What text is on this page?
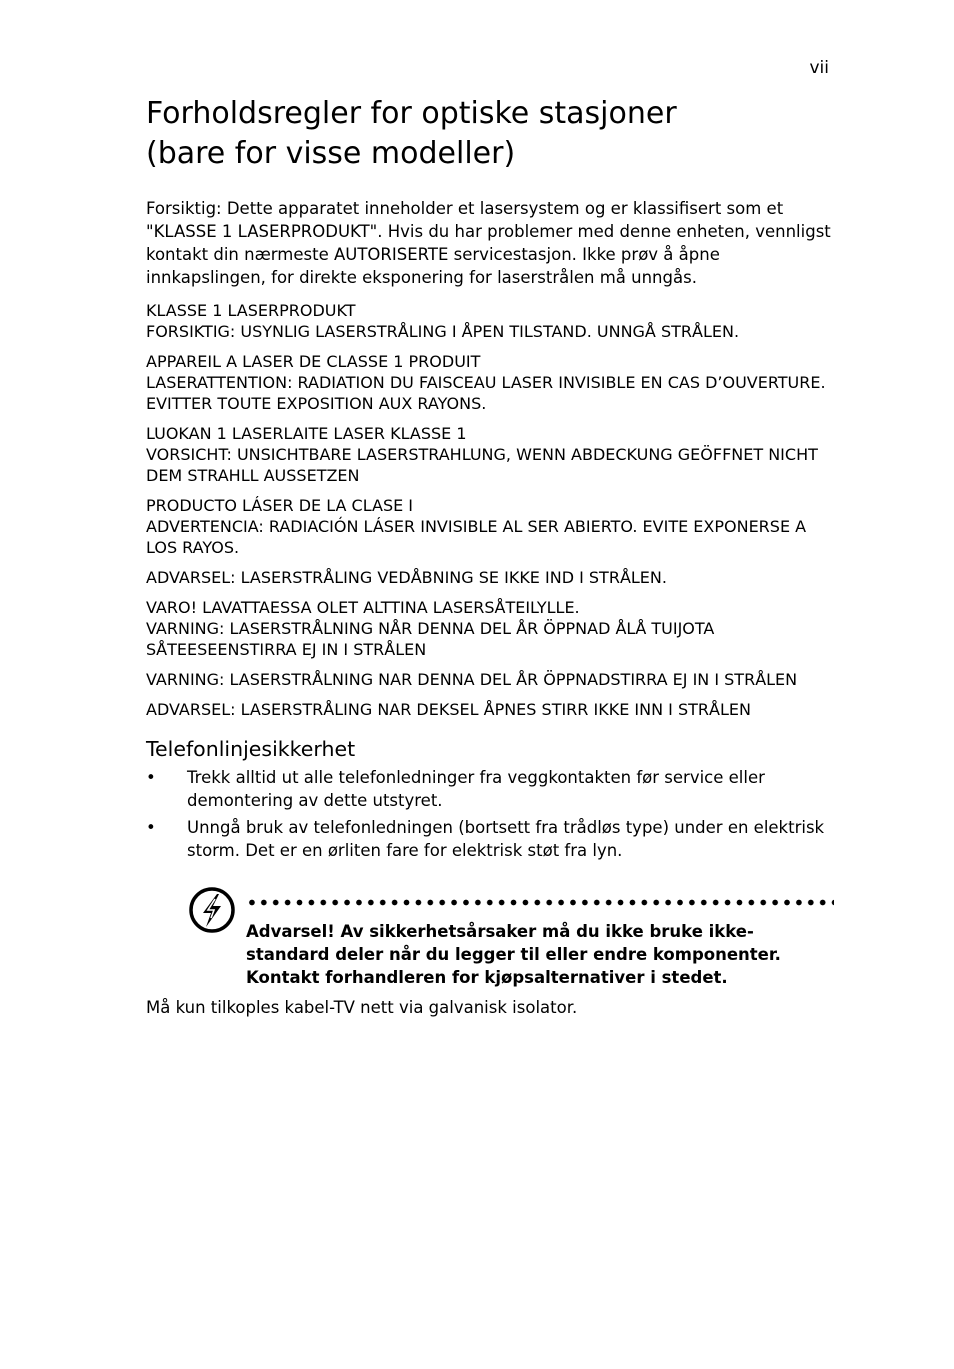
vii
Forholdsregler for optiske stasjoner
(bare for visse modeller)

Forsiktig: Dette apparatet inneholder et lasersystem og er klassifisert som et "KLASSE 1 LASERPRODUKT". Hvis du har problemer med denne enheten, vennligst kontakt din nærmeste AUTORISERTE servicestasjon. Ikke prøv å åpne innkapslingen, for direkte eksponering for laserstrålen må unngås.

KLASSE 1 LASERPRODUKT
FORSIKTIG: USYNLIG LASERSTRÅLING I ÅPEN TILSTAND. UNNGÅ STRÅLEN.

APPAREIL A LASER DE CLASSE 1 PRODUIT
LASERATTENTION: RADIATION DU FAISCEAU LASER INVISIBLE EN CAS D’OUVERTURE. EVITTER TOUTE EXPOSITION AUX RAYONS.

LUOKAN 1 LASERLAITE LASER KLASSE 1
VORSICHT: UNSICHTBARE LASERSTRAHLUNG, WENN ABDECKUNG GEÖFFNET NICHT DEM STRAHLL AUSSETZEN

PRODUCTO LÁSER DE LA CLASE I
ADVERTENCIA: RADIACIÓN LÁSER INVISIBLE AL SER ABIERTO. EVITE EXPONERSE A LOS RAYOS.

ADVARSEL: LASERSTRÅLING VEDÅBNING SE IKKE IND I STRÅLEN.

VARO! LAVATTAESSA OLET ALTTINA LASERSÅTEILYLLE.
VARNING: LASERSTRÅLNING NÅR DENNA DEL ÅR ÖPPNAD ÅLÅ TUIJOTA SÅTEESEENSTIRRA EJ IN I STRÅLEN

VARNING: LASERSTRÅLNING NAR DENNA DEL ÅR ÖPPNADSTIRRA EJ IN I STRÅLEN

ADVARSEL: LASERSTRÅLING NAR DEKSEL ÅPNES STIRR IKKE INN I STRÅLEN

Telefonlinjesikkerhet
• Trekk alltid ut alle telefonledninger fra veggkontakten før service eller demontering av dette utstyret.
• Unngå bruk av telefonledningen (bortsett fra trådløs type) under en elektrisk storm. Det er en ørliten fare for elektrisk støt fra lyn.
Advarsel! Av sikkerhetsårsaker må du ikke bruke ikke-standard deler når du legger til eller endre komponenter. Kontakt forhandleren for kjøpsalternativer i stedet.

Må kun tilkoples kabel-TV nett via galvanisk isolator.
